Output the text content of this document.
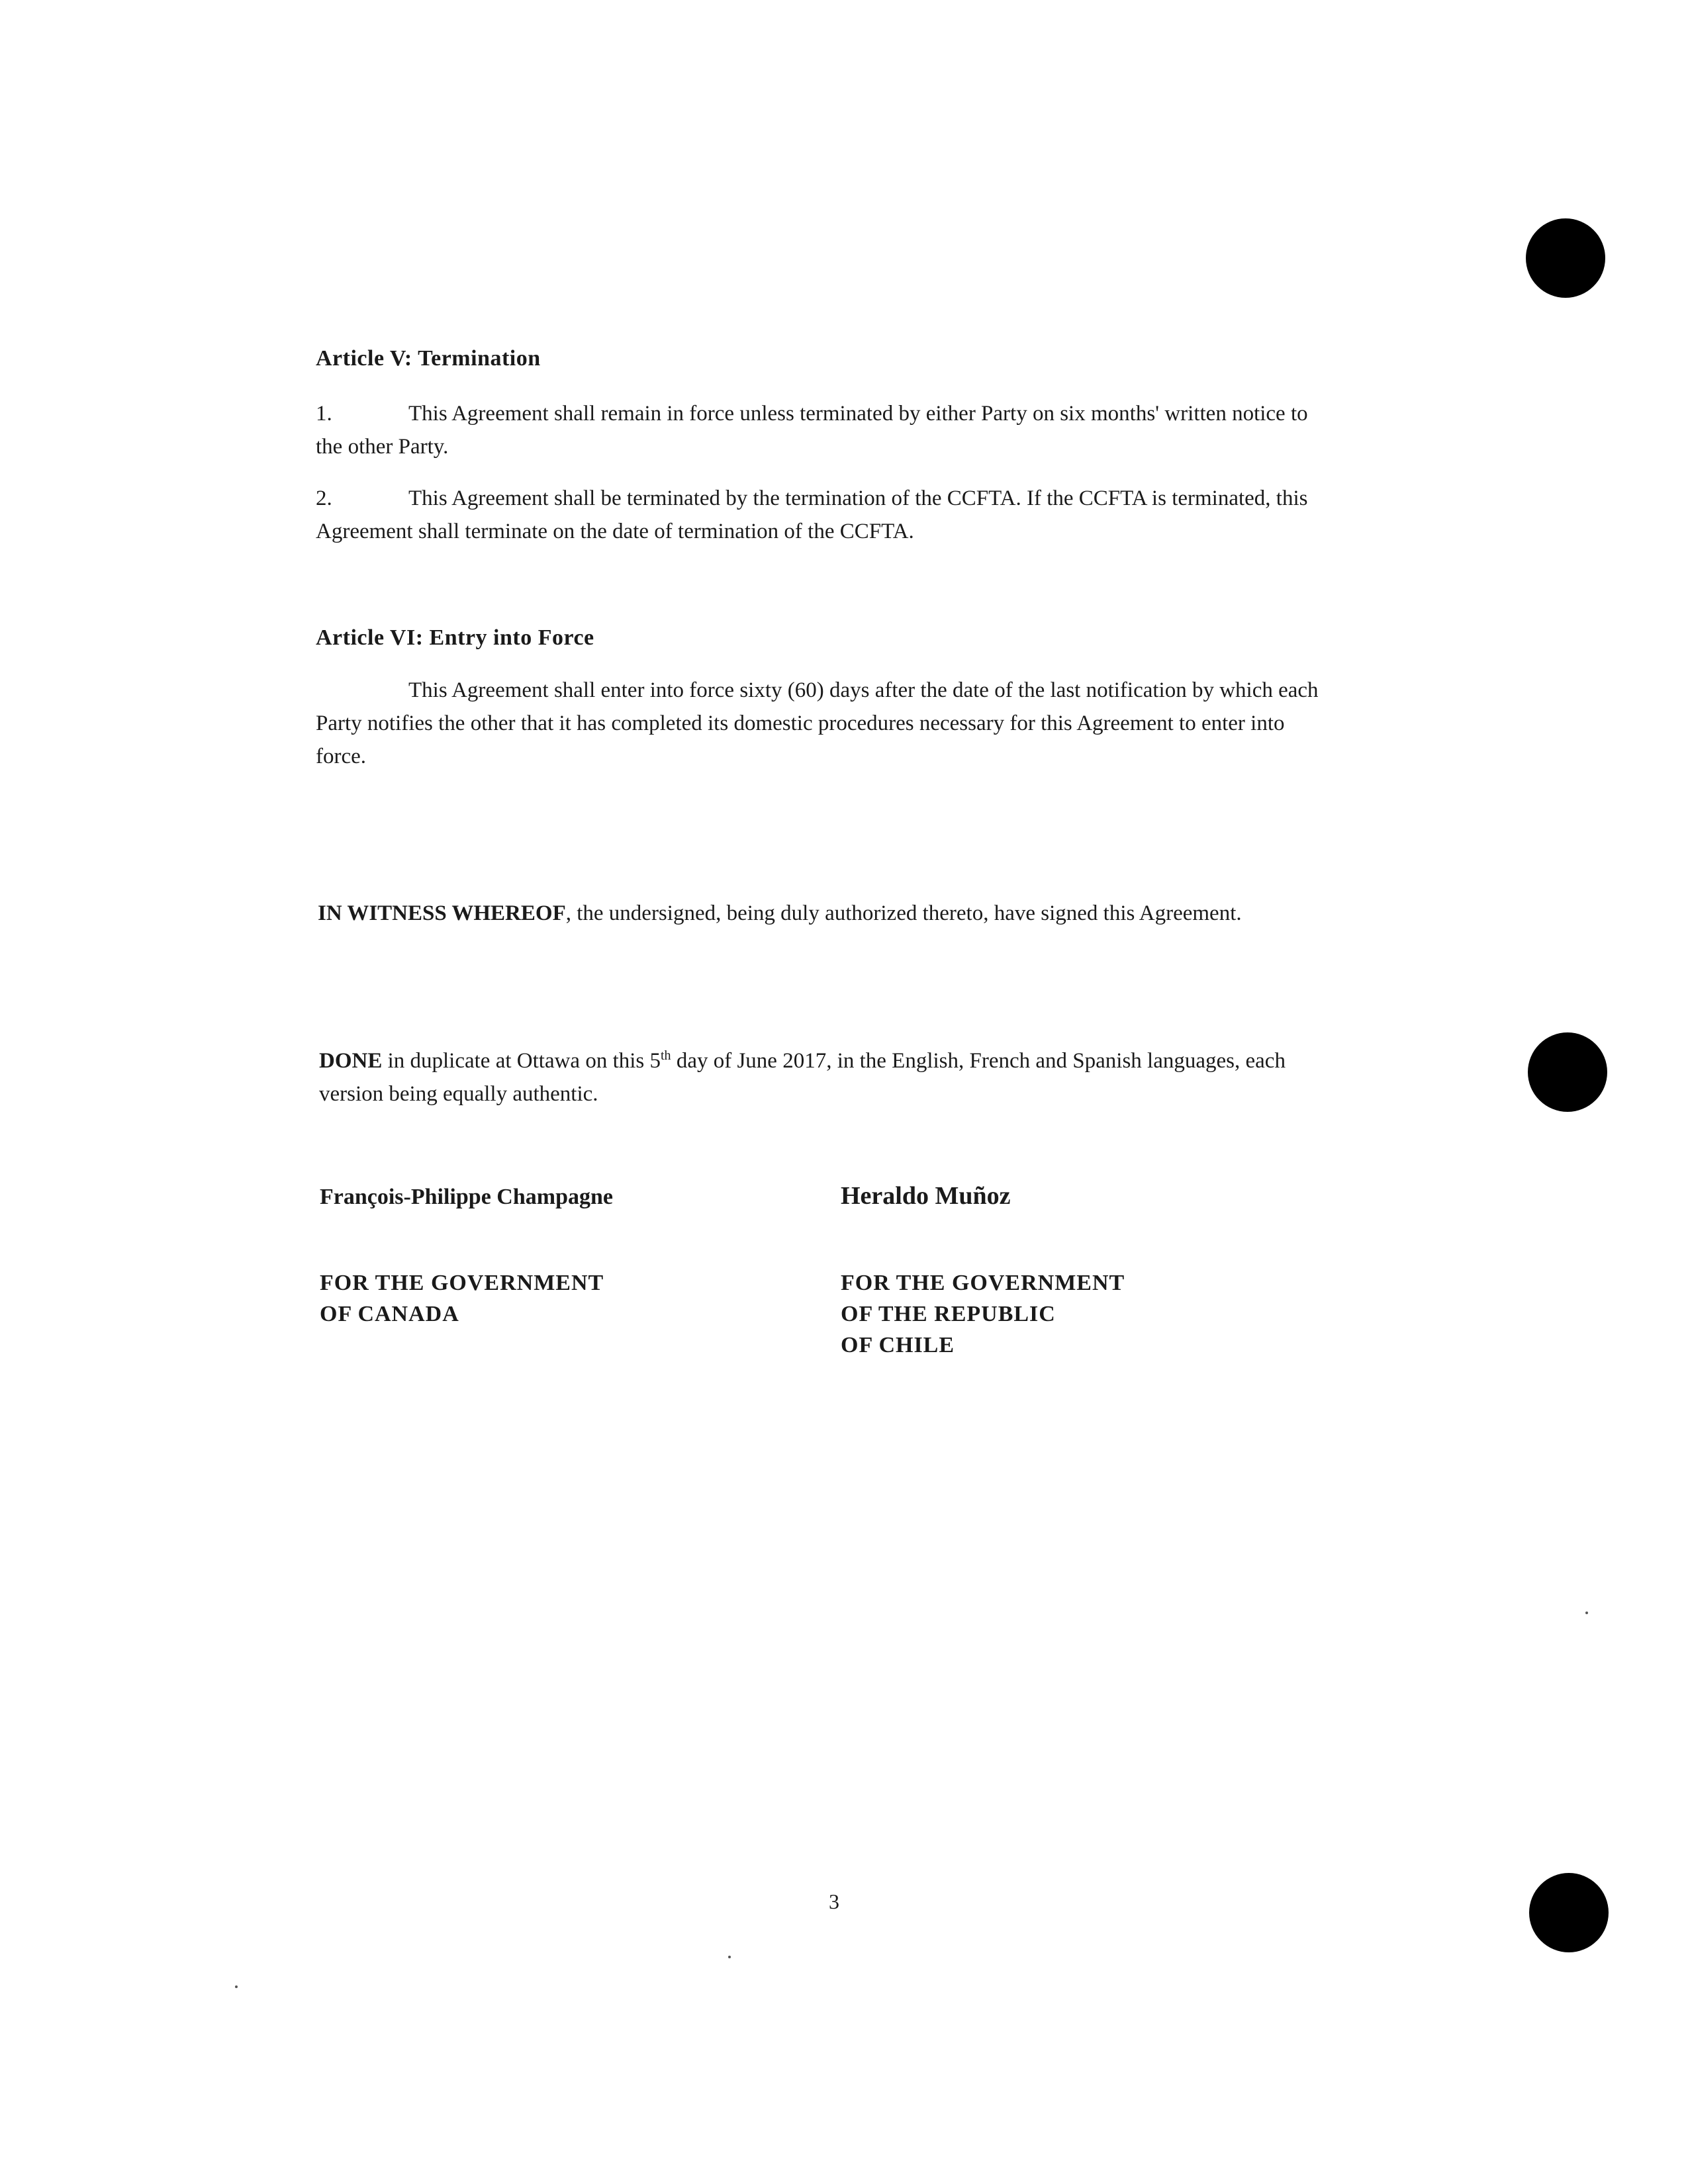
Article V: Termination
1.	This Agreement shall remain in force unless terminated by either Party on six months' written notice to the other Party.
2.	This Agreement shall be terminated by the termination of the CCFTA. If the CCFTA is terminated, this Agreement shall terminate on the date of termination of the CCFTA.
Article VI: Entry into Force
This Agreement shall enter into force sixty (60) days after the date of the last notification by which each Party notifies the other that it has completed its domestic procedures necessary for this Agreement to enter into force.
IN WITNESS WHEREOF, the undersigned, being duly authorized thereto, have signed this Agreement.
DONE in duplicate at Ottawa on this 5th day of June 2017, in the English, French and Spanish languages, each version being equally authentic.
François-Philippe Champagne	Heraldo Muñoz
FOR THE GOVERNMENT
OF CANADA
FOR THE GOVERNMENT
OF THE REPUBLIC
OF CHILE
3
